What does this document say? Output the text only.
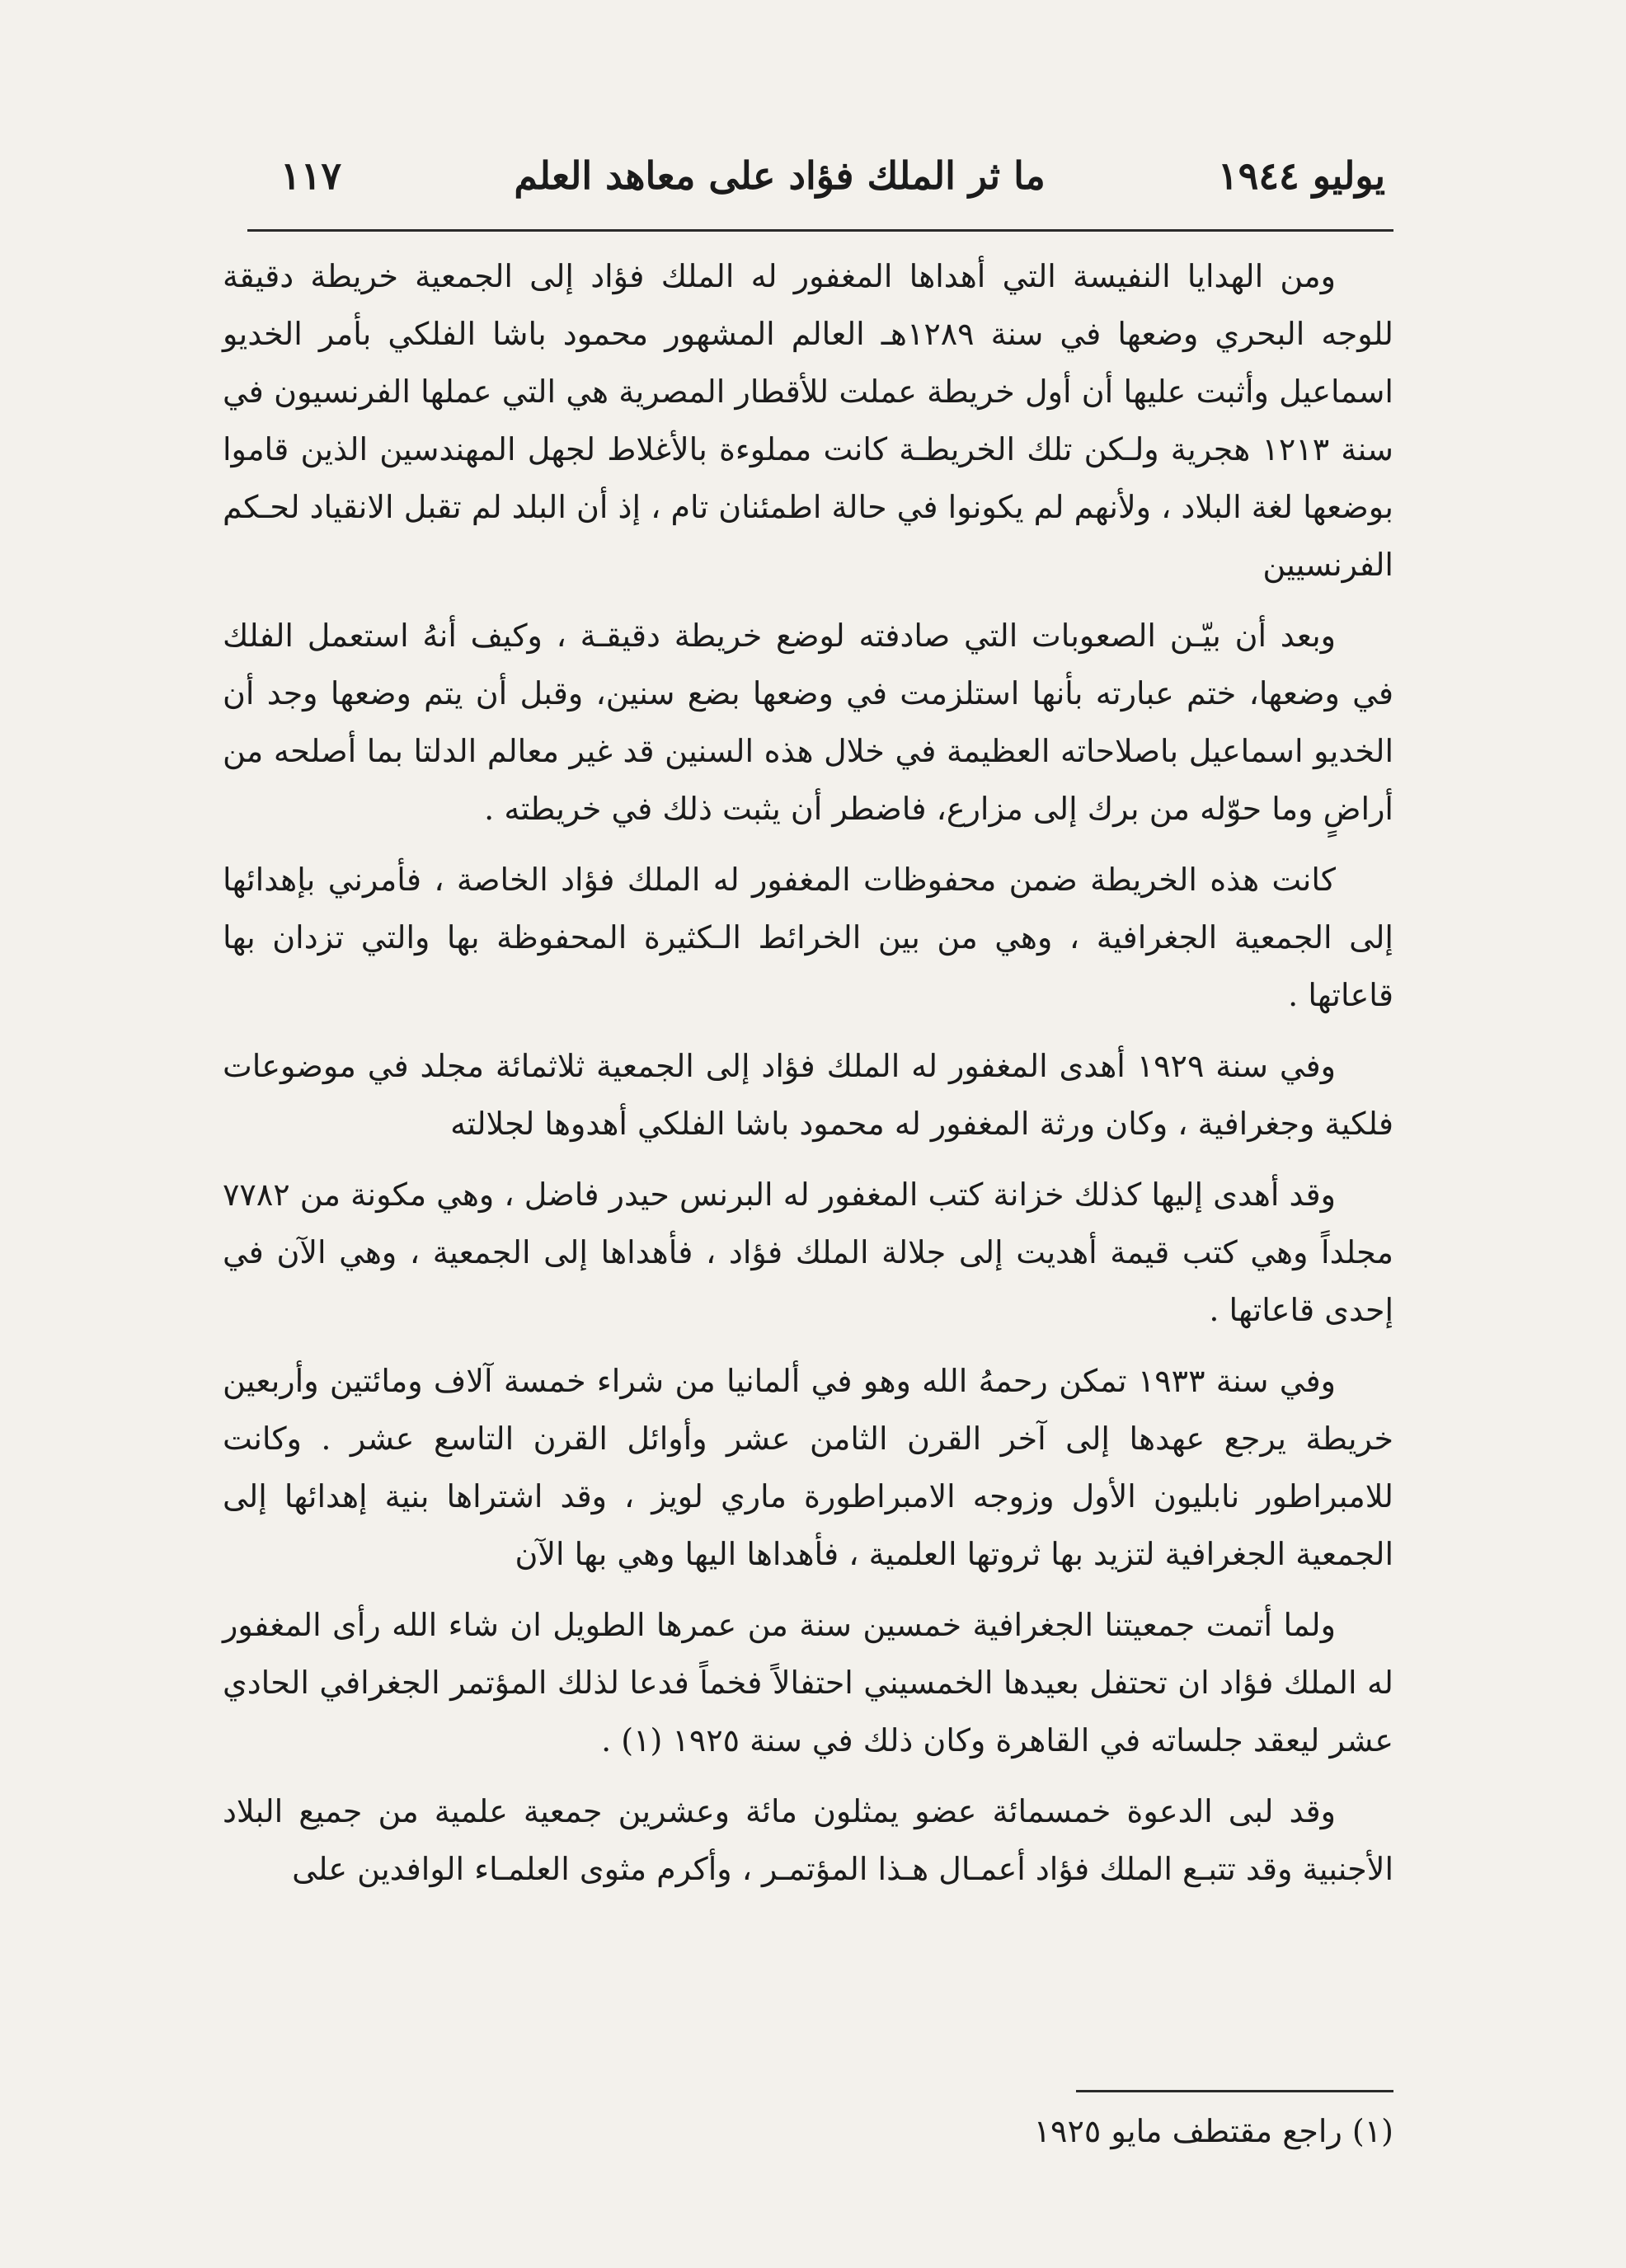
يوليو ١٩٤٤
ما ثر الملك فؤاد على معاهد العلم
١١٧

ومن الهدايا النفيسة التي أهداها المغفور له الملك فؤاد إلى الجمعية خريطة دقيقة للوجه البحري وضعها في سنة ١٢٨٩هـ العالم المشهور محمود باشا الفلكي بأمر الخديو اسماعيل وأثبت عليها أن أول خريطة عملت للأقطار المصرية هي التي عملها الفرنسيون في سنة ١٢١٣ هجرية ولـكن تلك الخريطـة كانت مملوءة بالأغلاط لجهل المهندسين الذين قاموا بوضعها لغة البلاد ، ولأنهم لم يكونوا في حالة اطمئنان تام ، إذ أن البلد لم تقبل الانقياد لحـكم الفرنسيين

وبعد أن بيّـن الصعوبات التي صادفته لوضع خريطة دقيقـة ، وكيف أنهُ استعمل الفلك في وضعها، ختم عبارته بأنها استلزمت في وضعها بضع سنين، وقبل أن يتم وضعها وجد أن الخديو اسماعيل باصلاحاته العظيمة في خلال هذه السنين قد غير معالم الدلتا بما أصلحه من أراضٍ وما حوّله من برك إلى مزارع، فاضطر أن يثبت ذلك في خريطته .

كانت هذه الخريطة ضمن محفوظات المغفور له الملك فؤاد الخاصة ، فأمرني بإهدائها إلى الجمعية الجغرافية ، وهي من بين الخرائط الـكثيرة المحفوظة بها والتي تزدان بها قاعاتها .

وفي سنة ١٩٢٩ أهدى المغفور له الملك فؤاد إلى الجمعية ثلاثمائة مجلد في موضوعات فلكية وجغرافية ، وكان ورثة المغفور له محمود باشا الفلكي أهدوها لجلالته

وقد أهدى إليها كذلك خزانة كتب المغفور له البرنس حيدر فاضل ، وهي مكونة من ٧٧٨٢ مجلداً وهي كتب قيمة أهديت إلى جلالة الملك فؤاد ، فأهداها إلى الجمعية ، وهي الآن في إحدى قاعاتها .

وفي سنة ١٩٣٣ تمكن رحمهُ الله وهو في ألمانيا من شراء خمسة آلاف ومائتين وأربعين خريطة يرجع عهدها إلى آخر القرن الثامن عشر وأوائل القرن التاسع عشر . وكانت للامبراطور نابليون الأول وزوجه الامبراطورة ماري لويز ، وقد اشتراها بنية إهدائها إلى الجمعية الجغرافية لتزيد بها ثروتها العلمية ، فأهداها اليها وهي بها الآن

ولما أتمت جمعيتنا الجغرافية خمسين سنة من عمرها الطويل ان شاء الله رأى المغفور له الملك فؤاد ان تحتفل بعيدها الخمسيني احتفالاً فخماً فدعا لذلك المؤتمر الجغرافي الحادي عشر ليعقد جلساته في القاهرة وكان ذلك في سنة ١٩٢٥ (١) .

وقد لبى الدعوة خمسمائة عضو يمثلون مائة وعشرين جمعية علمية من جميع البلاد الأجنبية وقد تتبـع الملك فؤاد أعمـال هـذا المؤتمـر ، وأكرم مثوى العلمـاء الوافدين على

(١) راجع مقتطف مايو ١٩٢٥
